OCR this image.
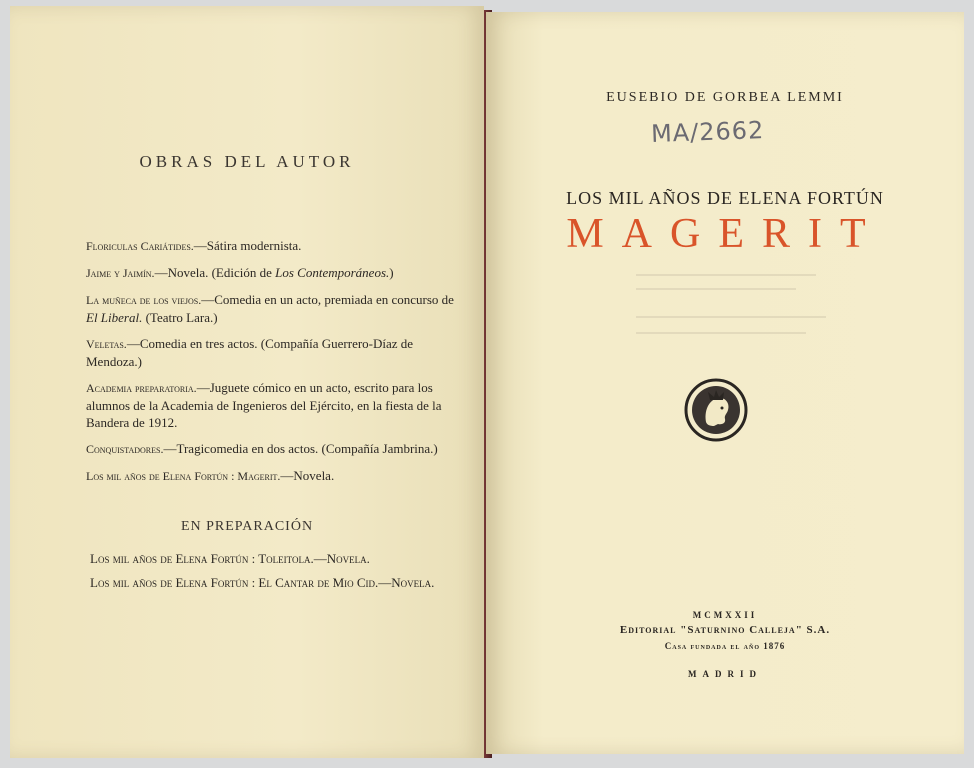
OBRAS DEL AUTOR
Floriculas Cariátides.—Sátira modernista.
Jaime y Jaimín.—Novela. (Edición de Los Contemporáneos.)
La muñeca de los viejos.—Comedia en un acto, premiada en concurso de El Liberal. (Teatro Lara.)
Veletas.—Comedia en tres actos. (Compañía Guerrero-Díaz de Mendoza.)
Academia preparatoria.—Juguete cómico en un acto, escrito para los alumnos de la Academia de Ingenieros del Ejército, en la fiesta de la Bandera de 1912.
Conquistadores.—Tragicomedia en dos actos. (Compañía Jambrina.)
Los mil años de Elena Fortún : Magerit.—Novela.
EN PREPARACIÓN
Los mil años de Elena Fortún : Toleitola.—Novela.
Los mil años de Elena Fortún : El Cantar de Mio Cid.—Novela.
EUSEBIO DE GORBEA LEMMI
MA/2662
LOS MIL AÑOS DE ELENA FORTÚN
MAGERIT
MCMXXII
Editorial "Saturnino Calleja" S.A.
Casa fundada el año 1876
MADRID
